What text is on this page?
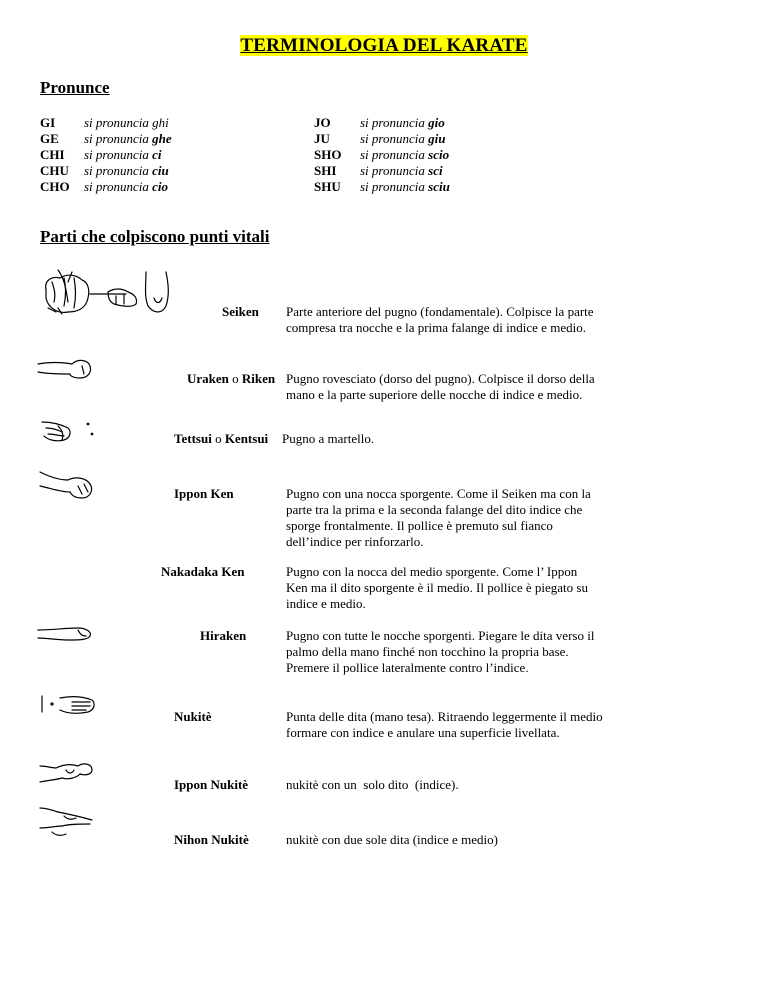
TERMINOLOGIA DEL KARATE
Pronunce
GI si pronuncia ghi
GE si pronuncia ghe
CHI si pronuncia ci
CHU si pronuncia ciu
CHO si pronuncia cio
JO si pronuncia gio
JU si pronuncia giu
SHO si pronuncia scio
SHI si pronuncia sci
SHU si pronuncia sciu
Parti che colpiscono punti vitali
Seiken Parte anteriore del pugno (fondamentale). Colpisce la parte
compresa tra nocche e la prima falange di indice e medio.
Uraken o Riken Pugno rovesciato (dorso del pugno). Colpisce il dorso della
mano e la parte superiore delle nocche di indice e medio.
Tettsui o Kentsui Pugno a martello.
Ippon Ken	Pugno con una nocca sporgente. Come il Seiken ma con la
parte tra la prima e la seconda falange del dito indice che
sporge frontalmente. Il pollice è premuto sul fianco
dell’indice per rinforzarlo.
Nakadaka Ken	Pugno con la nocca del medio sporgente. Come l’ Ippon
Ken ma il dito sporgente è il medio. Il pollice è piegato su
indice e medio.
Hiraken	Pugno con tutte le nocche sporgenti. Piegare le dita verso il
palmo della mano finché non tocchino la propria base.
Premere il pollice lateralmente contro l’indice.
Nukitè	Punta delle dita (mano tesa). Ritraendo leggermente il medio
formare con indice e anulare una superficie livellata.
Ippon Nukitè	nukitè con un  solo dito  (indice).
Nihon Nukitè	nukitè con due sole dita (indice e medio)
